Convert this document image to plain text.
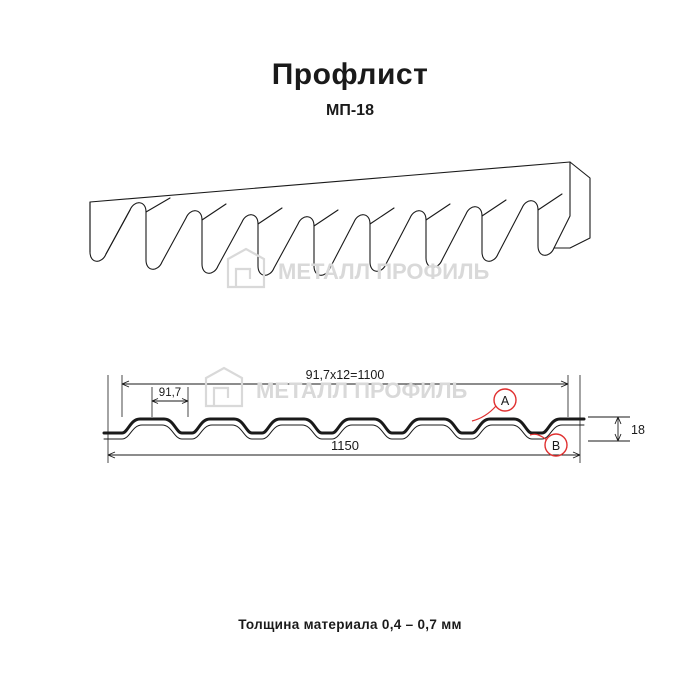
Профлист
МП-18
МЕТАЛЛ ПРОФИЛЬ
A
B
91,7х12=1100
91,7
1150
18
МЕТАЛЛ ПРОФИЛЬ
Толщина материала 0,4 – 0,7 мм
